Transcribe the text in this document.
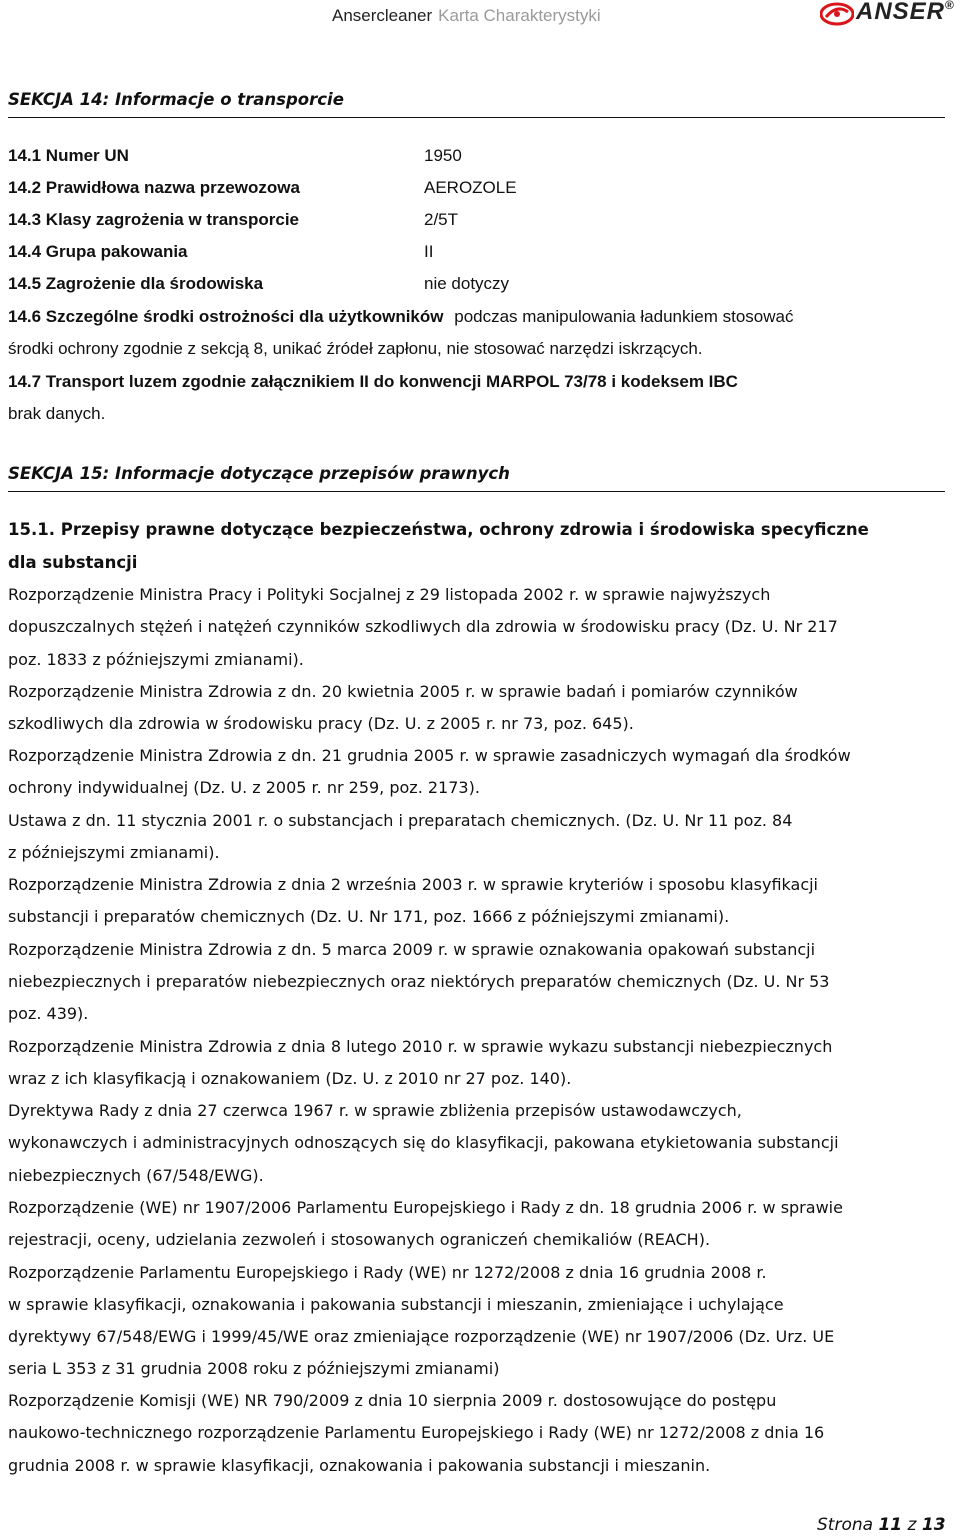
Ansercleaner Karta Charakterystyki	ANSER®
SEKCJA 14: Informacje o transporcie
14.1 Numer UN	1950
14.2 Prawidłowa nazwa przewozowa	AEROZOLE
14.3 Klasy zagrożenia w transporcie	2/5T
14.4 Grupa pakowania	II
14.5 Zagrożenie dla środowiska	nie dotyczy
14.6 Szczególne środki ostrożności dla użytkowników podczas manipulowania ładunkiem stosować
środki ochrony zgodnie z sekcją 8, unikać źródeł zapłonu, nie stosować narzędzi iskrzących.
14.7 Transport luzem zgodnie załącznikiem II do konwencji MARPOL 73/78 i kodeksem IBC
brak danych.
SEKCJA 15: Informacje dotyczące przepisów prawnych
15.1. Przepisy prawne dotyczące bezpieczeństwa, ochrony zdrowia i środowiska specyficzne
dla substancji
Rozporządzenie Ministra Pracy i Polityki Socjalnej z 29 listopada 2002 r. w sprawie najwyższych
dopuszczalnych stężeń i natężeń czynników szkodliwych dla zdrowia w środowisku pracy (Dz. U. Nr 217
poz. 1833 z późniejszymi zmianami).
Rozporządzenie Ministra Zdrowia z dn. 20 kwietnia 2005 r. w sprawie badań i pomiarów czynników
szkodliwych dla zdrowia w środowisku pracy (Dz. U. z 2005 r. nr 73, poz. 645).
Rozporządzenie Ministra Zdrowia z dn. 21 grudnia 2005 r. w sprawie zasadniczych wymagań dla środków
ochrony indywidualnej (Dz. U. z 2005 r. nr 259, poz. 2173).
Ustawa z dn. 11 stycznia 2001 r. o substancjach i preparatach chemicznych. (Dz. U. Nr 11 poz. 84
z późniejszymi zmianami).
Rozporządzenie Ministra Zdrowia z dnia 2 września 2003 r. w sprawie kryteriów i sposobu klasyfikacji
substancji i preparatów chemicznych (Dz. U. Nr 171, poz. 1666 z późniejszymi zmianami).
Rozporządzenie Ministra Zdrowia z dn. 5 marca 2009 r. w sprawie oznakowania opakowań substancji
niebezpiecznych i preparatów niebezpiecznych oraz niektórych preparatów chemicznych (Dz. U. Nr 53
poz. 439).
Rozporządzenie Ministra Zdrowia z dnia 8 lutego 2010 r. w sprawie wykazu substancji niebezpiecznych
wraz z ich klasyfikacją i oznakowaniem (Dz. U. z 2010 nr 27 poz. 140).
Dyrektywa Rady z dnia 27 czerwca 1967 r. w sprawie zbliżenia przepisów ustawodawczych,
wykonawczych i administracyjnych odnoszących się do klasyfikacji, pakowana etykietowania substancji
niebezpiecznych (67/548/EWG).
Rozporządzenie (WE) nr 1907/2006 Parlamentu Europejskiego i Rady z dn. 18 grudnia 2006 r. w sprawie
rejestracji, oceny, udzielania zezwoleń i stosowanych ograniczeń chemikaliów (REACH).
Rozporządzenie Parlamentu Europejskiego i Rady (WE) nr 1272/2008 z dnia 16 grudnia 2008 r.
w sprawie klasyfikacji, oznakowania i pakowania substancji i mieszanin, zmieniające i uchylające
dyrektywy 67/548/EWG i 1999/45/WE oraz zmieniające rozporządzenie (WE) nr 1907/2006 (Dz. Urz. UE
seria L 353 z 31 grudnia 2008 roku z późniejszymi zmianami)
Rozporządzenie Komisji (WE) NR 790/2009 z dnia 10 sierpnia 2009 r. dostosowujące do postępu
naukowo-technicznego rozporządzenie Parlamentu Europejskiego i Rady (WE) nr 1272/2008 z dnia 16
grudnia 2008 r. w sprawie klasyfikacji, oznakowania i pakowania substancji i mieszanin.
Strona 11 z 13
